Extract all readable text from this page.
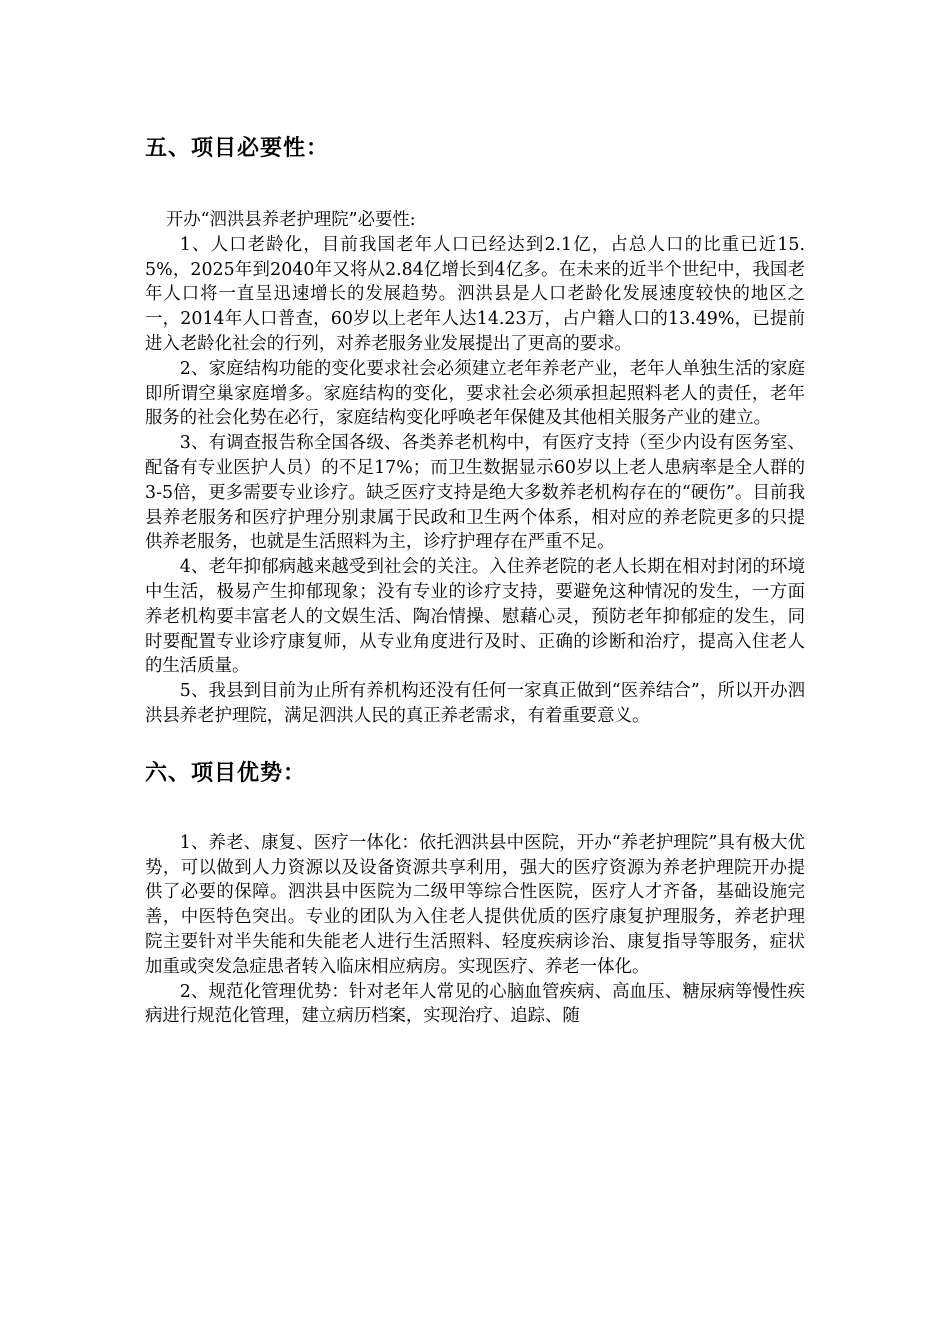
五、项目必要性：

开办“泗洪县养老护理院”必要性:

1、人口老龄化，目前我国老年人口已经达到2.1亿，占总人口的比重已近15.5%，2025年到2040年又将从2.84亿增长到4亿多。在未来的近半个世纪中，我国老年人口将一直呈迅速增长的发展趋势。泗洪县是人口老龄化发展速度较快的地区之一，2014年人口普查，60岁以上老年人达14.23万，占户籍人口的13.49%，已提前进入老龄化社会的行列，对养老服务业发展提出了更高的要求。

2、家庭结构功能的变化要求社会必须建立老年养老产业，老年人单独生活的家庭即所谓空巢家庭增多。家庭结构的变化，要求社会必须承担起照料老人的责任，老年服务的社会化势在必行，家庭结构变化呼唤老年保健及其他相关服务产业的建立。

3、有调查报告称全国各级、各类养老机构中，有医疗支持（至少内设有医务室、配备有专业医护人员）的不足17%；而卫生数据显示60岁以上老人患病率是全人群的3-5倍，更多需要专业诊疗。缺乏医疗支持是绝大多数养老机构存在的“硬伤”。目前我县养老服务和医疗护理分别隶属于民政和卫生两个体系，相对应的养老院更多的只提供养老服务，也就是生活照料为主，诊疗护理存在严重不足。

4、老年抑郁病越来越受到社会的关注。入住养老院的老人长期在相对封闭的环境中生活，极易产生抑郁现象；没有专业的诊疗支持，要避免这种情况的发生，一方面养老机构要丰富老人的文娱生活、陶冶情操、慰藉心灵，预防老年抑郁症的发生，同时要配置专业诊疗康复师，从专业角度进行及时、正确的诊断和治疗，提高入住老人的生活质量。

5、我县到目前为止所有养机构还没有任何一家真正做到“医养结合”，所以开办泗洪县养老护理院，满足泗洪人民的真正养老需求，有着重要意义。

六、项目优势：

1、养老、康复、医疗一体化：依托泗洪县中医院，开办“养老护理院”具有极大优势，可以做到人力资源以及设备资源共享利用，强大的医疗资源为养老护理院开办提供了必要的保障。泗洪县中医院为二级甲等综合性医院，医疗人才齐备，基础设施完善，中医特色突出。专业的团队为入住老人提供优质的医疗康复护理服务，养老护理院主要针对半失能和失能老人进行生活照料、轻度疾病诊治、康复指导等服务，症状加重或突发急症患者转入临床相应病房。实现医疗、养老一体化。

2、规范化管理优势：针对老年人常见的心脑血管疾病、高血压、糖尿病等慢性疾病进行规范化管理，建立病历档案，实现治疗、追踪、随
